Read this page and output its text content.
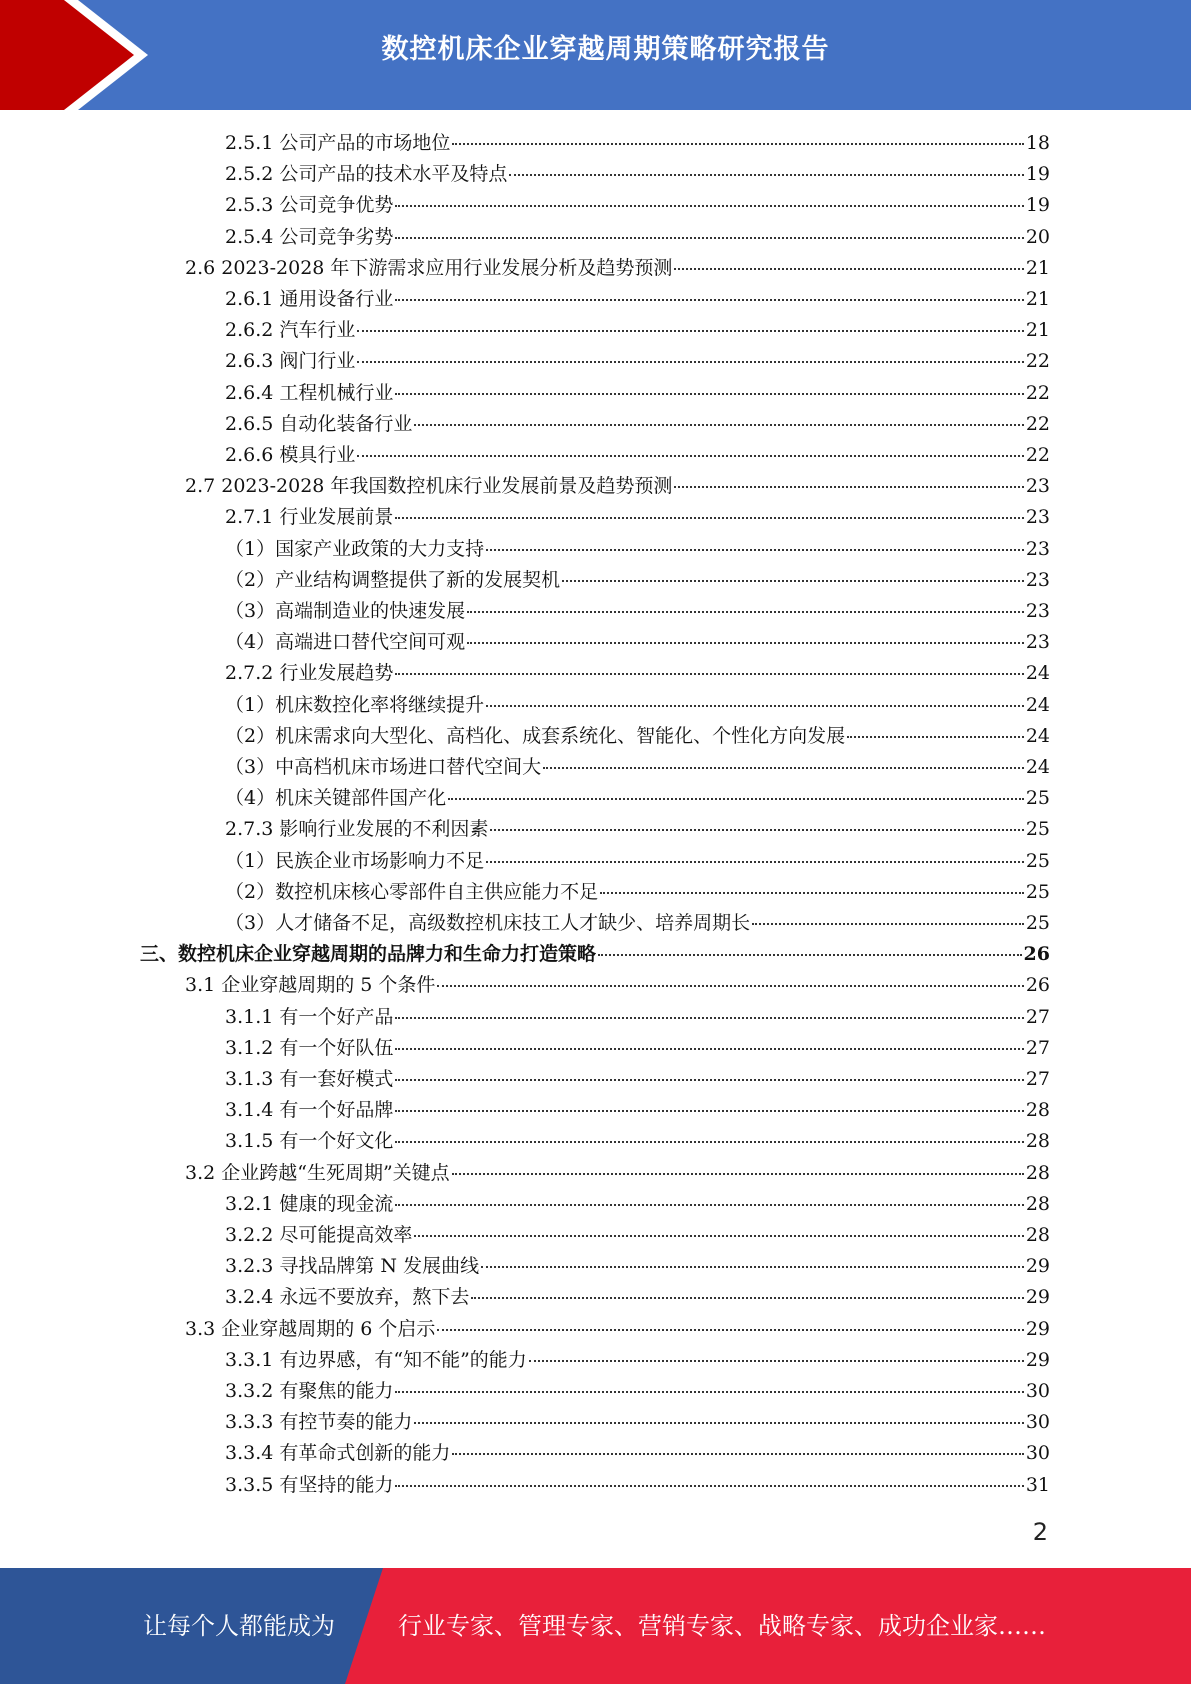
数控机床企业穿越周期策略研究报告
2.5.1 公司产品的市场地位	18
2.5.2 公司产品的技术水平及特点	19
2.5.3 公司竞争优势	19
2.5.4 公司竞争劣势	20
2.6 2023-2028 年下游需求应用行业发展分析及趋势预测	21
2.6.1 通用设备行业	21
2.6.2 汽车行业	21
2.6.3 阀门行业	22
2.6.4 工程机械行业	22
2.6.5 自动化装备行业	22
2.6.6 模具行业	22
2.7 2023-2028 年我国数控机床行业发展前景及趋势预测	23
2.7.1 行业发展前景	23
（1）国家产业政策的大力支持	23
（2）产业结构调整提供了新的发展契机	23
（3）高端制造业的快速发展	23
（4）高端进口替代空间可观	23
2.7.2 行业发展趋势	24
（1）机床数控化率将继续提升	24
（2）机床需求向大型化、高档化、成套系统化、智能化、个性化方向发展	24
（3）中高档机床市场进口替代空间大	24
（4）机床关键部件国产化	25
2.7.3 影响行业发展的不利因素	25
（1）民族企业市场影响力不足	25
（2）数控机床核心零部件自主供应能力不足	25
（3）人才储备不足，高级数控机床技工人才缺少、培养周期长	25
三、数控机床企业穿越周期的品牌力和生命力打造策略	26
3.1 企业穿越周期的 5 个条件	26
3.1.1 有一个好产品	27
3.1.2 有一个好队伍	27
3.1.3 有一套好模式	27
3.1.4 有一个好品牌	28
3.1.5 有一个好文化	28
3.2 企业跨越“生死周期”关键点	28
3.2.1 健康的现金流	28
3.2.2 尽可能提高效率	28
3.2.3 寻找品牌第 N 发展曲线	29
3.2.4 永远不要放弃，熬下去	29
3.3 企业穿越周期的 6 个启示	29
3.3.1 有边界感，有“知不能”的能力	29
3.3.2 有聚焦的能力	30
3.3.3 有控节奏的能力	30
3.3.4 有革命式创新的能力	30
3.3.5 有坚持的能力	31
2
让每个人都能成为	行业专家、管理专家、营销专家、战略专家、成功企业家……
